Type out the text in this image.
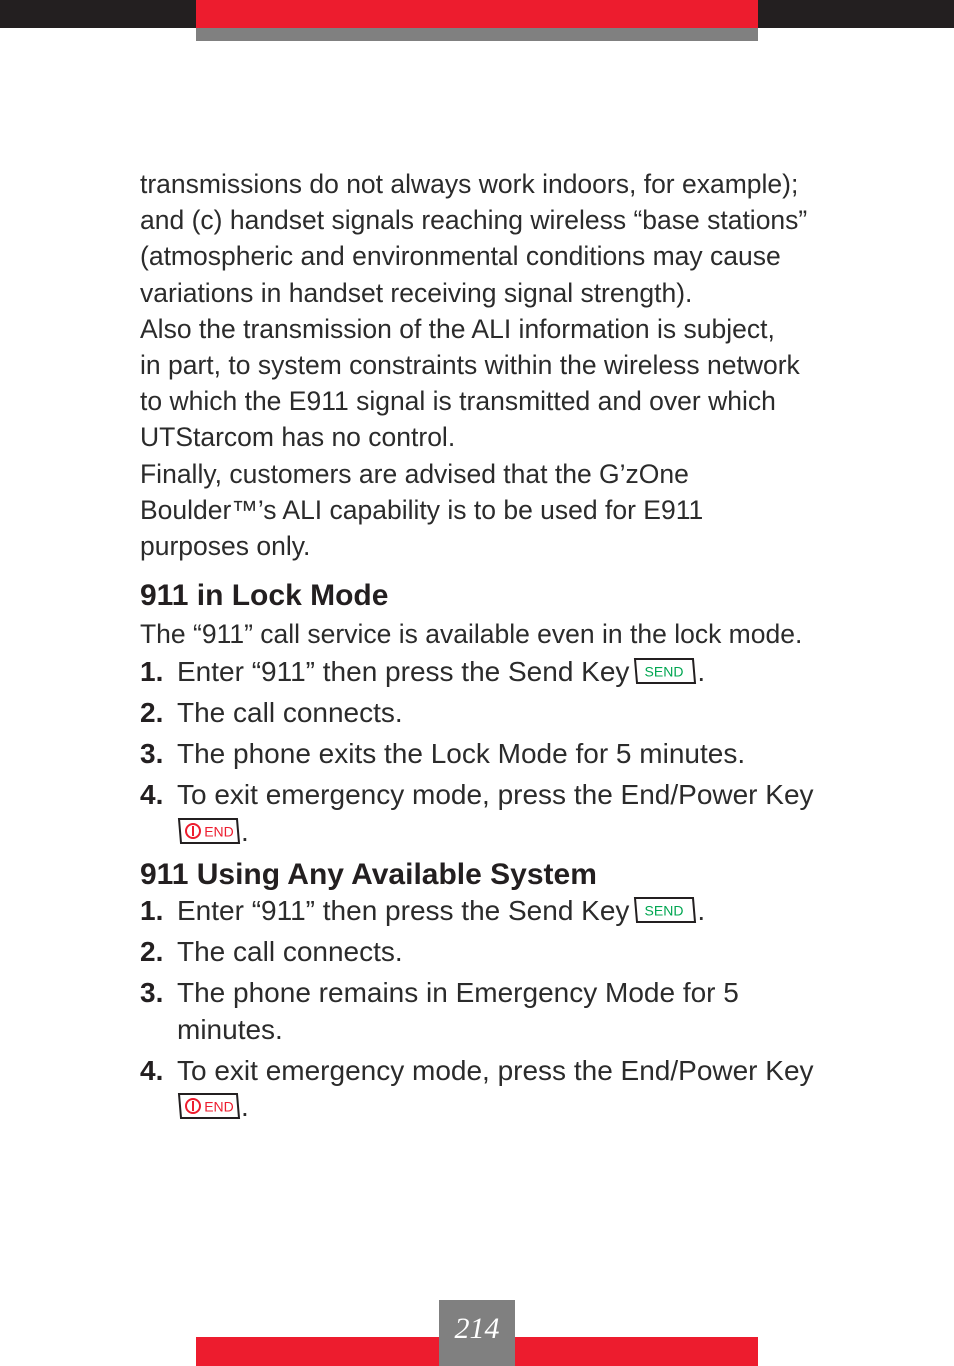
transmissions do not always work indoors, for example);

and (c) handset signals reaching wireless “base stations”

(atmospheric and environmental conditions may cause

variations in handset receiving signal strength).

Also the transmission of the ALI information is subject,

in part, to system constraints within the wireless network

to which the E911 signal is transmitted and over which

UTStarcom has no control.

Finally, customers are advised that the G’zOne

Boulder™’s ALI capability is to be used for E911

purposes only.

911 in Lock Mode

The “911” call service is available even in the lock mode.

1. Enter “911” then press the Send Key SEND .
2. The call connects.
3. The phone exits the Lock Mode for 5 minutes.
4. To exit emergency mode, press the End/Power Key

END .
911 Using Any Available System
1. Enter “911” then press the Send Key SEND .
2. The call connects.
3. The phone remains in Emergency Mode for 5
minutes.
4. To exit emergency mode, press the End/Power Key

END .
214
